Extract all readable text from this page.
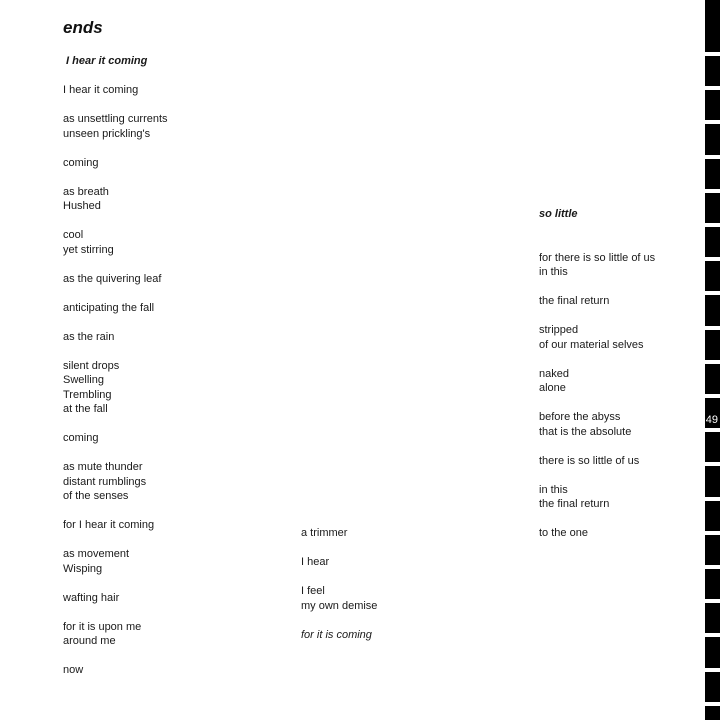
ends
I hear it coming
I hear it coming
as unsettling currents
unseen prickling's
coming
as breath
Hushed
cool
yet stirring
as the quivering leaf
anticipating the fall
as the rain
silent drops
Swelling
Trembling
at the fall
coming
as mute thunder
distant rumblings
of the senses
for I hear it coming
as movement
Wisping
wafting hair
for it is upon me
around me
now
a trimmer
I hear
I feel
my own demise
for it is coming
so little
for there is so little of us
in this
the final return
stripped
of our material selves
naked
alone
before the abyss
that is the absolute
there is so little of us
in this
the final return
to the one
49
